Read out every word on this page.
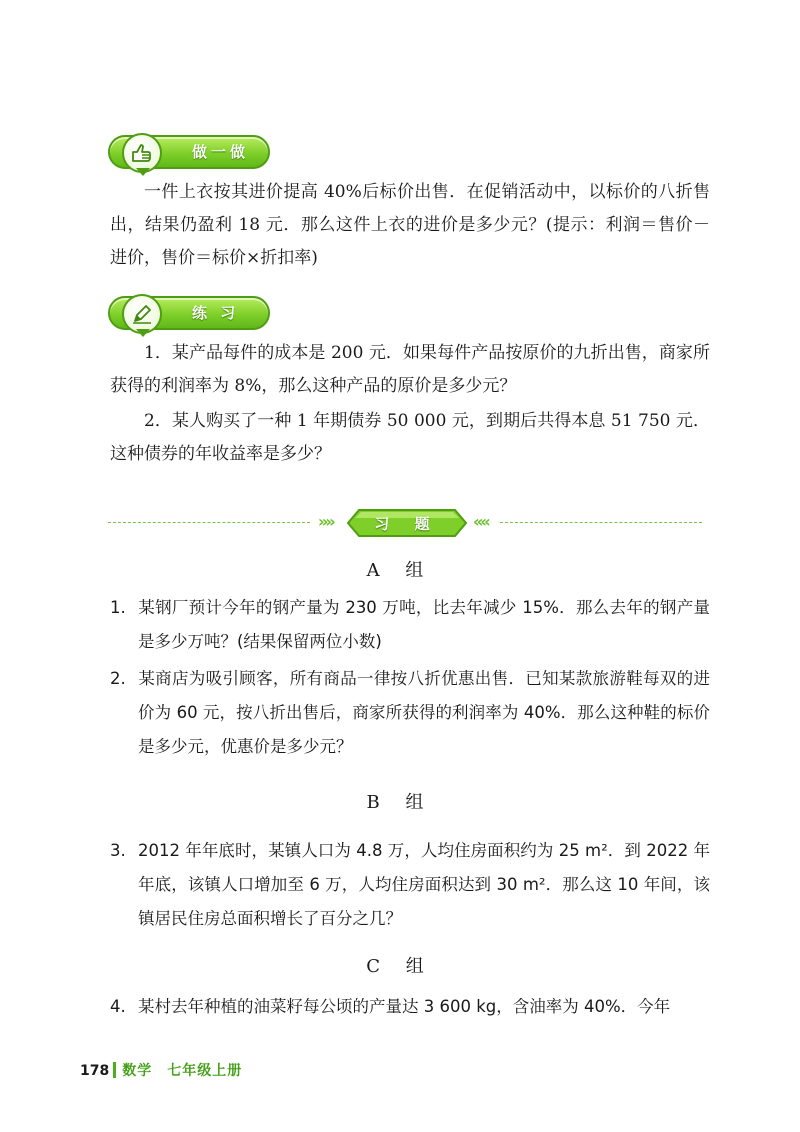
做一做

一件上衣按其进价提高 40%后标价出售．在促销活动中，以标价的八折售出，结果仍盈利 18 元．那么这件上衣的进价是多少元？(提示：利润＝售价－进价，售价＝标价×折扣率)

练 习

1．某产品每件的成本是 200 元．如果每件产品按原价的九折出售，商家所获得的利润率为 8%，那么这种产品的原价是多少元？

2．某人购买了一种 1 年期债券 50 000 元，到期后共得本息 51 750 元．这种债券的年收益率是多少？

»»	习 题	««
A 组

1. 某钢厂预计今年的钢产量为 230 万吨，比去年减少 15%．那么去年的钢产量是多少万吨？(结果保留两位小数)

2. 某商店为吸引顾客，所有商品一律按八折优惠出售．已知某款旅游鞋每双的进价为 60 元，按八折出售后，商家所获得的利润率为 40%．那么这种鞋的标价是多少元，优惠价是多少元？

B 组

3. 2012 年年底时，某镇人口为 4.8 万，人均住房面积约为 25 m²．到 2022 年年底，该镇人口增加至 6 万，人均住房面积达到 30 m²．那么这 10 年间，该镇居民住房总面积增长了百分之几？

C 组

4. 某村去年种植的油菜籽每公顷的产量达 3 600 kg，含油率为 40%．今年

178 数学　七年级上册
